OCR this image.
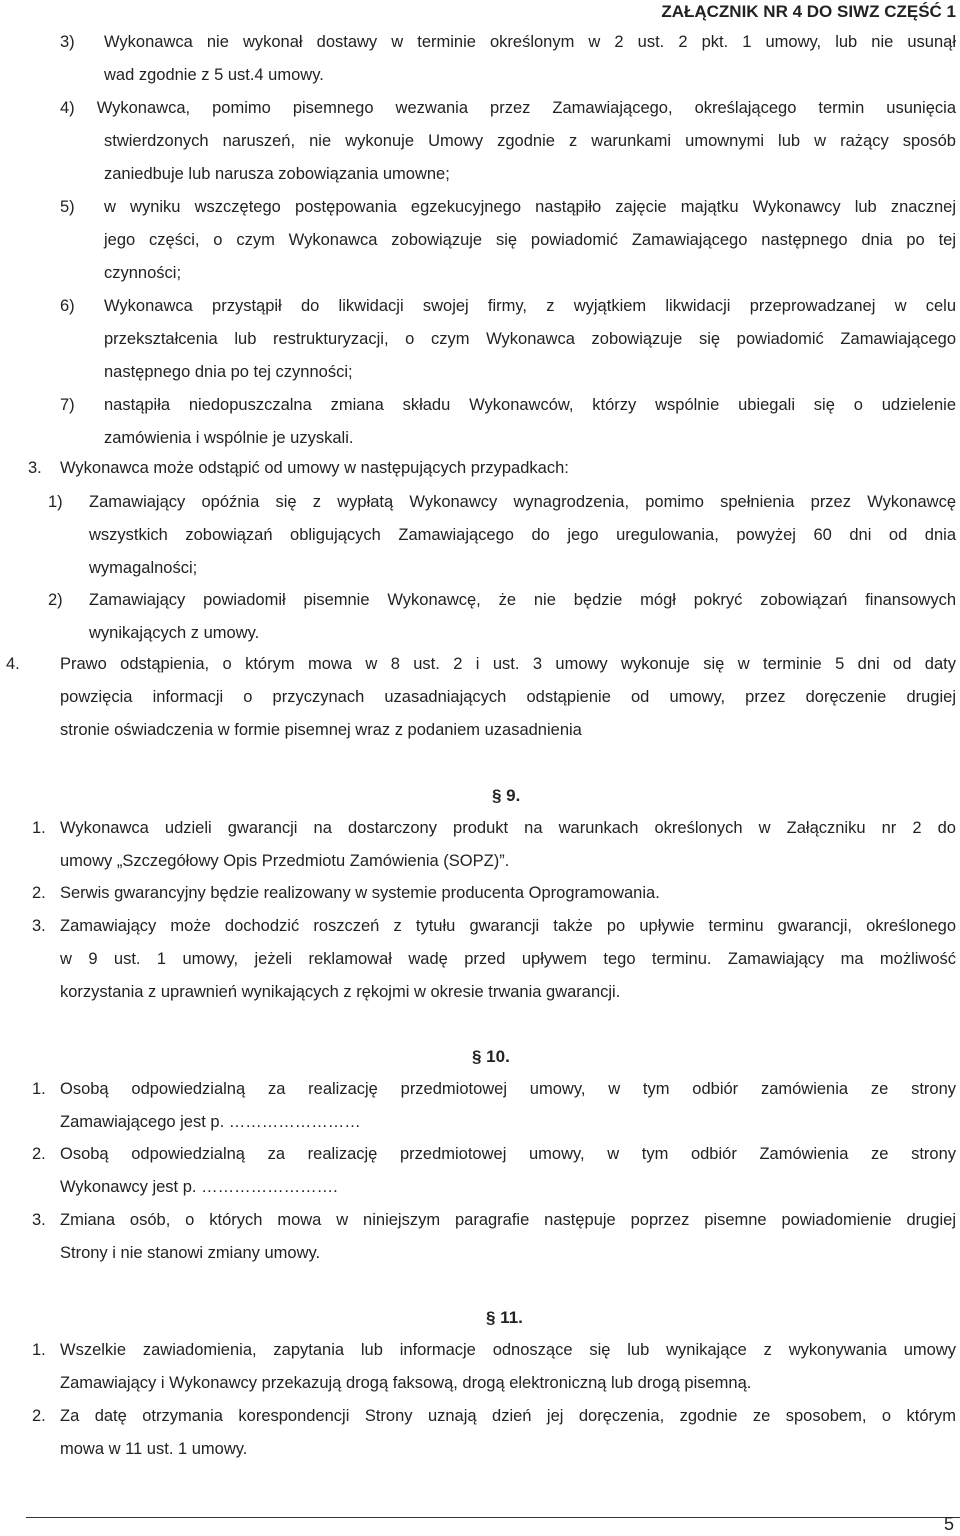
ZAŁĄCZNIK NR 4 DO SIWZ CZĘŚĆ 1
3) Wykonawca nie wykonał dostawy w terminie określonym w 2 ust. 2 pkt. 1 umowy, lub nie usunął
wad zgodnie z 5 ust.4 umowy.
4) Wykonawca, pomimo pisemnego wezwania przez Zamawiającego, określającego termin usunięcia
stwierdzonych naruszeń, nie wykonuje Umowy zgodnie z warunkami umownymi lub w rażący sposób
zaniedbuje lub narusza zobowiązania umowne;
5) w wyniku wszczętego postępowania egzekucyjnego nastąpiło zajęcie majątku Wykonawcy lub znacznej
jego części, o czym Wykonawca zobowiązuje się powiadomić Zamawiającego następnego dnia po tej
czynności;
6) Wykonawca przystąpił do likwidacji swojej firmy, z wyjątkiem likwidacji przeprowadzanej w celu
przekształcenia lub restrukturyzacji, o czym Wykonawca zobowiązuje się powiadomić Zamawiającego
następnego dnia po tej czynności;
7) nastąpiła niedopuszczalna zmiana składu Wykonawców, którzy wspólnie ubiegali się o udzielenie
zamówienia i wspólnie je uzyskali.
3. Wykonawca może odstąpić od umowy w następujących przypadkach:
1) Zamawiający opóźnia się z wypłatą Wykonawcy wynagrodzenia, pomimo spełnienia przez Wykonawcę
wszystkich zobowiązań obligujących Zamawiającego do jego uregulowania, powyżej 60 dni od dnia
wymagalności;
2) Zamawiający powiadomił pisemnie Wykonawcę, że nie będzie mógł pokryć zobowiązań finansowych
wynikających z umowy.
4. Prawo odstąpienia, o którym mowa w 8 ust. 2 i ust. 3 umowy wykonuje się w terminie 5 dni od daty
powzięcia informacji o przyczynach uzasadniających odstąpienie od umowy, przez doręczenie drugiej
stronie oświadczenia w formie pisemnej wraz z podaniem uzasadnienia
§ 9.
1. Wykonawca udzieli gwarancji na dostarczony produkt na warunkach określonych w Załączniku nr 2 do
umowy „Szczegółowy Opis Przedmiotu Zamówienia (SOPZ)”.
2. Serwis gwarancyjny będzie realizowany w systemie producenta Oprogramowania.
3. Zamawiający może dochodzić roszczeń z tytułu gwarancji także po upływie terminu gwarancji, określonego
w 9 ust. 1 umowy, jeżeli reklamował wadę przed upływem tego terminu. Zamawiający ma możliwość
korzystania z uprawnień wynikających z rękojmi w okresie trwania gwarancji.
§ 10.
1. Osobą odpowiedzialną za realizację przedmiotowej umowy, w tym odbiór zamówienia ze strony
Zamawiającego jest p. ……………………
2. Osobą odpowiedzialną za realizację przedmiotowej umowy, w tym odbiór Zamówienia ze strony
Wykonawcy jest p. …………………….
3. Zmiana osób, o których mowa w niniejszym paragrafie następuje poprzez pisemne powiadomienie drugiej
Strony i nie stanowi zmiany umowy.
§ 11.
1. Wszelkie zawiadomienia, zapytania lub informacje odnoszące się lub wynikające z wykonywania umowy
Zamawiający i Wykonawcy przekazują drogą faksową, drogą elektroniczną lub drogą pisemną.
2. Za datę otrzymania korespondencji Strony uznają dzień jej doręczenia, zgodnie ze sposobem, o którym
mowa w 11 ust. 1 umowy.
5
